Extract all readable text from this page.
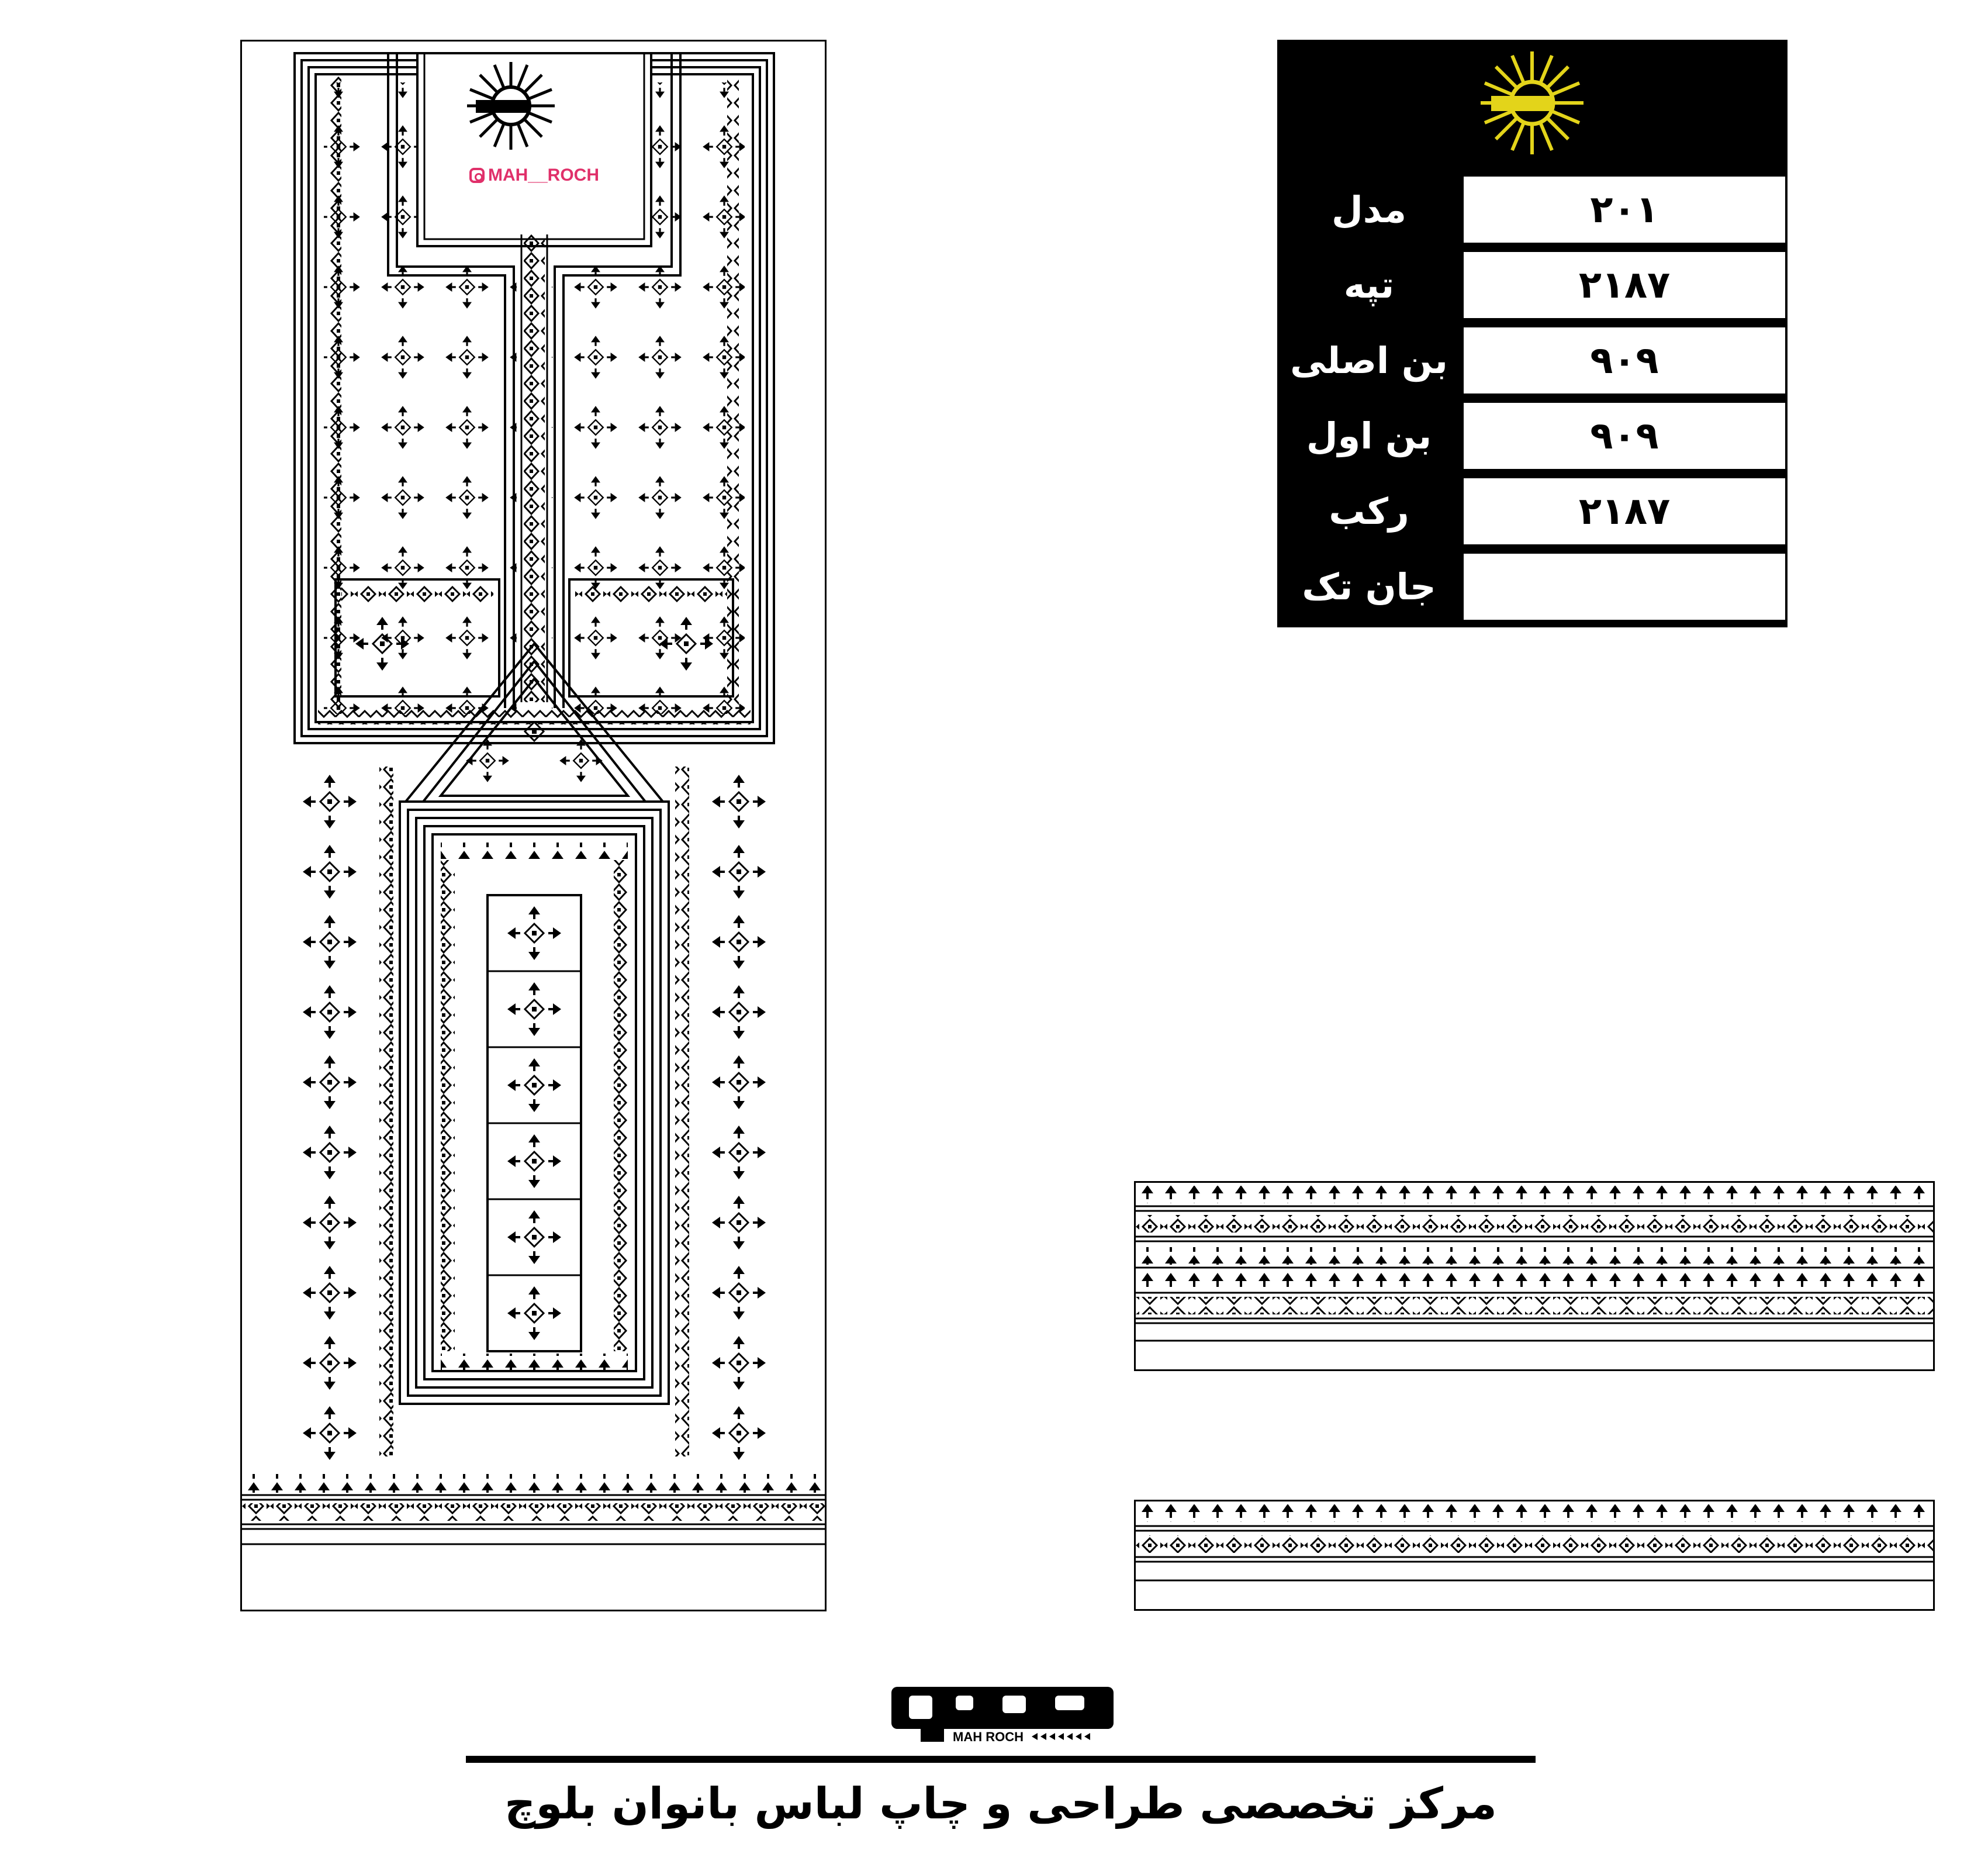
MAH__ROCH
مدل	۲۰۱
تپه	۲۱۸۷
بن اصلی	۹۰۹
بن اول	۹۰۹
رکب	۲۱۸۷
جان تک
MAH ROCH
مرکز تخصصی طراحی و چاپ لباس بانوان بلوچ
